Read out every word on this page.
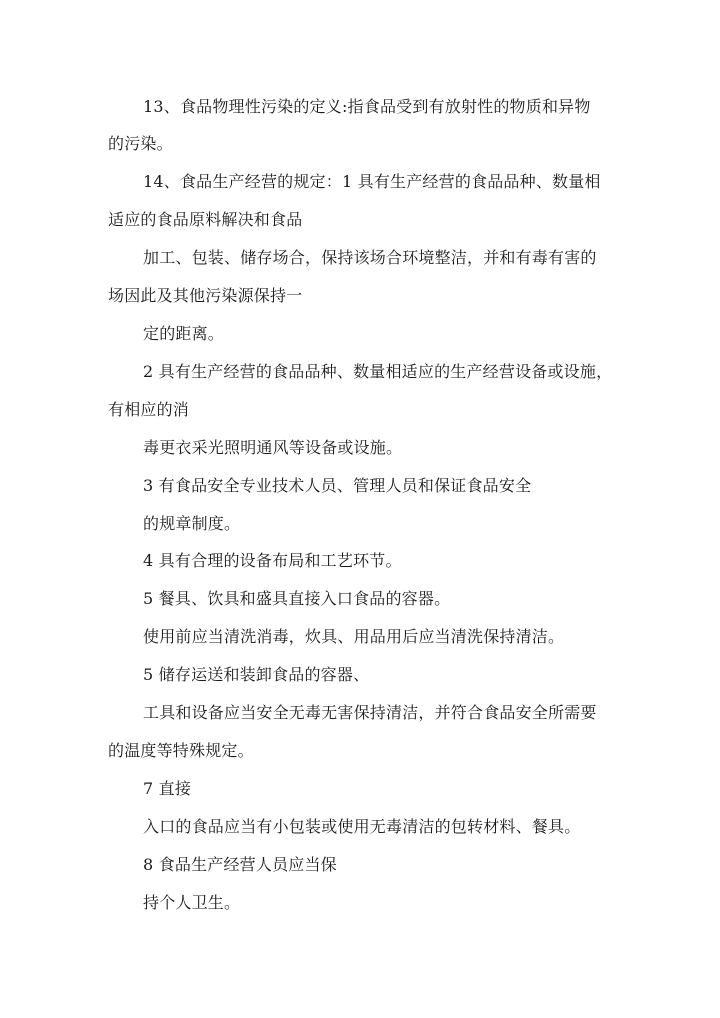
13、食品物理性污染的定义:指食品受到有放射性的物质和异物
的污染。
14、食品生产经营的规定：1 具有生产经营的食品品种、数量相
适应的食品原料解决和食品
加工、包装、储存场合，保持该场合环境整洁，并和有毒有害的
场因此及其他污染源保持一
定的距离。
2 具有生产经营的食品品种、数量相适应的生产经营设备或设施，
有相应的消
毒更衣采光照明通风等设备或设施。
3 有食品安全专业技术人员、管理人员和保证食品安全
的规章制度。
4 具有合理的设备布局和工艺环节。
5 餐具、饮具和盛具直接入口食品的容器。
使用前应当清洗消毒，炊具、用品用后应当清洗保持清洁。
5 储存运送和装卸食品的容器、
工具和设备应当安全无毒无害保持清洁，并符合食品安全所需要
的温度等特殊规定。
7 直接
入口的食品应当有小包装或使用无毒清洁的包转材料、餐具。
8 食品生产经营人员应当保
持个人卫生。
